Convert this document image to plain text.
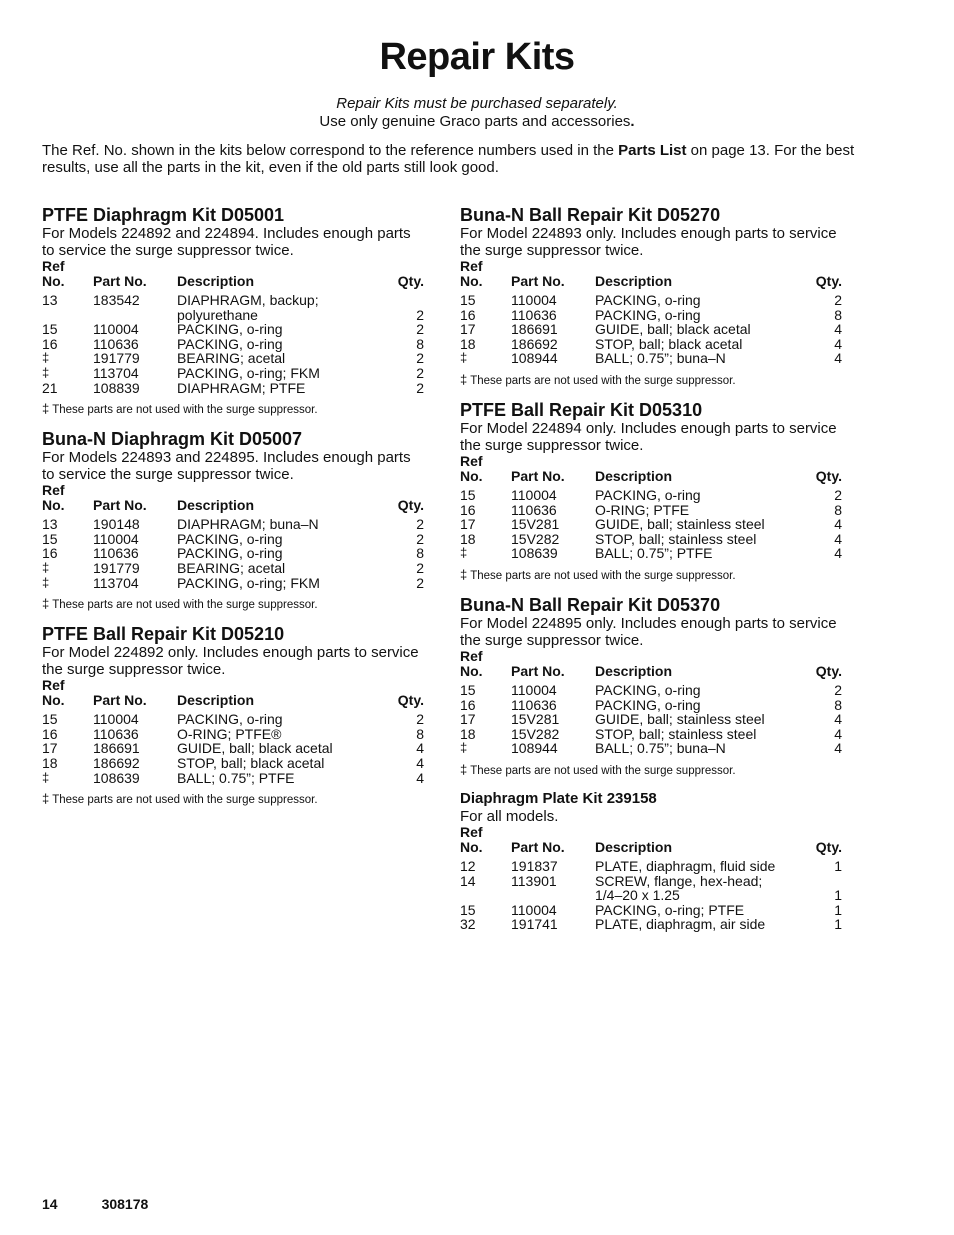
Repair Kits
Repair Kits must be purchased separately.
Use only genuine Graco parts and accessories.
The Ref. No. shown in the kits below correspond to the reference numbers used in the Parts List on page 13. For the best results, use all the parts in the kit, even if the old parts still look good.
PTFE Diaphragm Kit D05001
For Models 224892 and 224894. Includes enough parts to service the surge suppressor twice.
Ref			
No.	Part No.	Description	Qty.
13	183542	DIAPHRAGM, backup;	
		polyurethane	2
15	110004	PACKING, o-ring	2
16	110636	PACKING, o-ring	8
‡	191779	BEARING; acetal	2
‡	113704	PACKING, o-ring; FKM	2
21	108839	DIAPHRAGM; PTFE	2
‡ These parts are not used with the surge suppressor.
Buna-N Diaphragm Kit D05007
For Models 224893 and 224895. Includes enough parts to service the surge suppressor twice.
Ref			
No.	Part No.	Description	Qty.
13	190148	DIAPHRAGM; buna–N	2
15	110004	PACKING, o-ring	2
16	110636	PACKING, o-ring	8
‡	191779	BEARING; acetal	2
‡	113704	PACKING, o-ring; FKM	2
‡ These parts are not used with the surge suppressor.
PTFE Ball Repair Kit D05210
For Model 224892 only. Includes enough parts to service the surge suppressor twice.
Ref			
No.	Part No.	Description	Qty.
15	110004	PACKING, o-ring	2
16	110636	O-RING; PTFE®	8
17	186691	GUIDE, ball; black acetal	4
18	186692	STOP, ball; black acetal	4
‡	108639	BALL; 0.75”; PTFE	4
‡ These parts are not used with the surge suppressor.
Buna-N Ball Repair Kit D05270
For Model 224893 only. Includes enough parts to service the surge suppressor twice.
Ref			
No.	Part No.	Description	Qty.
15	110004	PACKING, o-ring	2
16	110636	PACKING, o-ring	8
17	186691	GUIDE, ball; black acetal	4
18	186692	STOP, ball; black acetal	4
‡	108944	BALL; 0.75”; buna–N	4
‡ These parts are not used with the surge suppressor.
PTFE Ball Repair Kit D05310
For Model 224894 only. Includes enough parts to service the surge suppressor twice.
Ref			
No.	Part No.	Description	Qty.
15	110004	PACKING, o-ring	2
16	110636	O-RING; PTFE	8
17	15V281	GUIDE, ball; stainless steel	4
18	15V282	STOP, ball; stainless steel	4
‡	108639	BALL; 0.75”; PTFE	4
‡ These parts are not used with the surge suppressor.
Buna-N Ball Repair Kit D05370
For Model 224895 only. Includes enough parts to service the surge suppressor twice.
Ref			
No.	Part No.	Description	Qty.
15	110004	PACKING, o-ring	2
16	110636	PACKING, o-ring	8
17	15V281	GUIDE, ball; stainless steel	4
18	15V282	STOP, ball; stainless steel	4
‡	108944	BALL; 0.75”; buna–N	4
‡ These parts are not used with the surge suppressor.
Diaphragm Plate Kit 239158
For all models.
Ref			
No.	Part No.	Description	Qty.
12	191837	PLATE, diaphragm, fluid side	1
14	113901	SCREW, flange, hex-head;	
		1/4–20 x 1.25	1
15	110004	PACKING, o-ring; PTFE	1
32	191741	PLATE, diaphragm, air side	1
14	308178
